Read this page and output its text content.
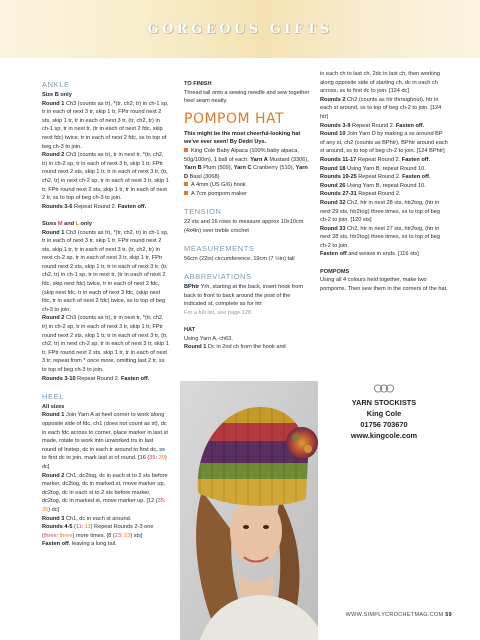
GORGEOUS GIFTS
ANKLE
Size B only
Round 1 Ch3 (counts as tr), *(tr, ch2, tr) in ch-1 sp, tr in each of next 3 tr, skip 1 tr, FPtr round next 2 sts, skip 1 tr, tr in each of next 3 tr, (tr, ch2, tr) in ch-1 sp, tr in next tr, (tr in each of next 2 fdc, skip next fdc) twice, tr in each of next 2 fdc, ss to top of beg ch-3 to join.
Round 2 Ch3 (counts as tr), tr in next tr, *(tr, ch2, tr) in ch-2 sp, tr in each of next 3 tr, skip 1 tr, FPtr round next 2 sts, skip 1 tr, tr in each of next 3 tr, (tr, ch2, tr) in next ch-2 sp, tr in each of next 3 tr, skip 1 tr, FPtr round next 2 sts, skip 1 tr, tr in each of next 2 tr, ss to top of beg ch-3 to join.
Rounds 3-6 Repeat Round 2. Fasten off.
Sizes M and L only
Round 1 Ch3 (counts as tr), *(tr, ch2, tr) in ch-1 sp, tr in each of next 3 tr, skip 1 tr, FPtr round next 2 sts, skip 1 tr, tr in each of next 3 tr, (tr, ch2, tr) in next ch-2 sp, tr in each of next 3 tr, skip 1 tr, FPtr round next 2 sts, skip 1 tr, tr in each of next 3 tr, (tr, ch2, tr) in ch-1 sp, tr in next tr, (tr in each of next 2 fdc, skip next fdc) twice, tr in each of next 2 fdc, (skip next fdc, tr in each of next 3 fdc, (skip next fdc, tr in each of next 2 fdc) twice, ss to top of beg ch-3 to join.
Round 2 Ch3 (counts as tr), tr in next tr, *(tr, ch2, tr) in ch-2 sp, tr in each of next 3 tr, skip 1 tr, FPtr round next 2 sts, skip 1 tr, tr in each of next 3 tr, (tr, ch2, tr) in next ch-2 sp, tr in each of next 3 tr, skip 1 tr, FPtr round next 2 sts, skip 1 tr, tr in each of next 3 tr; repeat from * once more, omitting last 2 tr, ss to top of beg ch-3 to join.
Rounds 3-10 Repeat Round 2. Fasten off.
HEEL
All sizes
Round 1 Join Yarn A at heel corner to work along opposite side of fdc, ch1 (does not count as st), dc in each fdc across to corner, place marker in last st made, rotate to work into unworked trs in last round of Instep, dc in each tr around to first dc, ss to first dc to join, mark last st of round. [16 (39: 39) dc]
Round 2 Ch1, dc2tog, dc in each st to 2 sts before marker, dc2tog, dc in marked st, move marker up, dc2tog, dc in each st to 2 sts before marker, dc2tog, dc in marked st, move marker up. [12 (35: 35) dc]
Round 3 Ch1, dc in each st around.
Rounds 4-5 (11: 11) Repeat Rounds 2-3 one (three: three) more times. [8 (23: 23) sts]
Fasten off, leaving a long tail.
TO FINISH
Thread tail onto a sewing needle and sew together heel seam neatly.
POMPOM HAT
This might be the most cheerful-looking hat we've ever seen! By Dedri Uys.
King Cole Baby Alpaca (100% baby alpaca, 50g/100m), 1 ball of each: Yarn A Mustard (3306), Yarn B Plum (509), Yarn C Cranberry (510), Yarn D Basil (3068)
A 4mm (US G/6) hook
A 7cm pompom maker
TENSION
22 sts and 16 rows to measure approx 10x10cm (4x4in) over treble crochet
MEASUREMENTS
56cm (22in) circumference, 19cm (7 ½in) tall
ABBREVIATIONS
BPhtr Yrh, starting at the back, insert hook from back to front to back around the post of the indicated st, complete as for htr
For a full list, see page 128
HAT
Using Yarn A, ch63.
Round 1 Dc in 2nd ch from the hook and
in each ch to last ch, 2dc in last ch, then working along opposite side of starting ch, dc in each ch across, ss to first dc to join. [124 dc]
Rounds 2 Ch2 (counts as htr throughout), htr in each st around, ss to top of beg ch-2 to join. [124 htr]
Rounds 3-9 Repeat Round 2. Fasten off.
Round 10 Join Yarn D by making a ss around BP of any st, ch2 (counts as BPhtr), BPhtr around each st around, ss to top of beg ch-2 to join. [124 BPhtr]
Rounds 11-17 Repeat Round 2. Fasten off.
Round 18 Using Yarn B, repeat Round 10.
Rounds 19-25 Repeat Round 2. Fasten off.
Round 26 Using Yarn B, repeat Round 10.
Rounds 27-31 Repeat Round 2.
Round 32 Ch2, htr in next 28 sts, htr2tog, (htr in next 29 sts, htr2tog) three times, ss to top of beg ch-2 to join. [120 sts]
Round 33 Ch2, htr in next 27 sts, htr2tog, (htr in next 28 sts, htr2tog) three times, ss to top of beg ch-2 to join.
Fasten off and weave in ends. [116 sts]
POMPOMS
Using all 4 colours held together, make two pompoms. Then sew them in the corners of the hat.
YARN STOCKISTS
King Cole
01756 703670
www.kingcole.com
WWW.SIMPLYCROCHETMAG.COM 59
